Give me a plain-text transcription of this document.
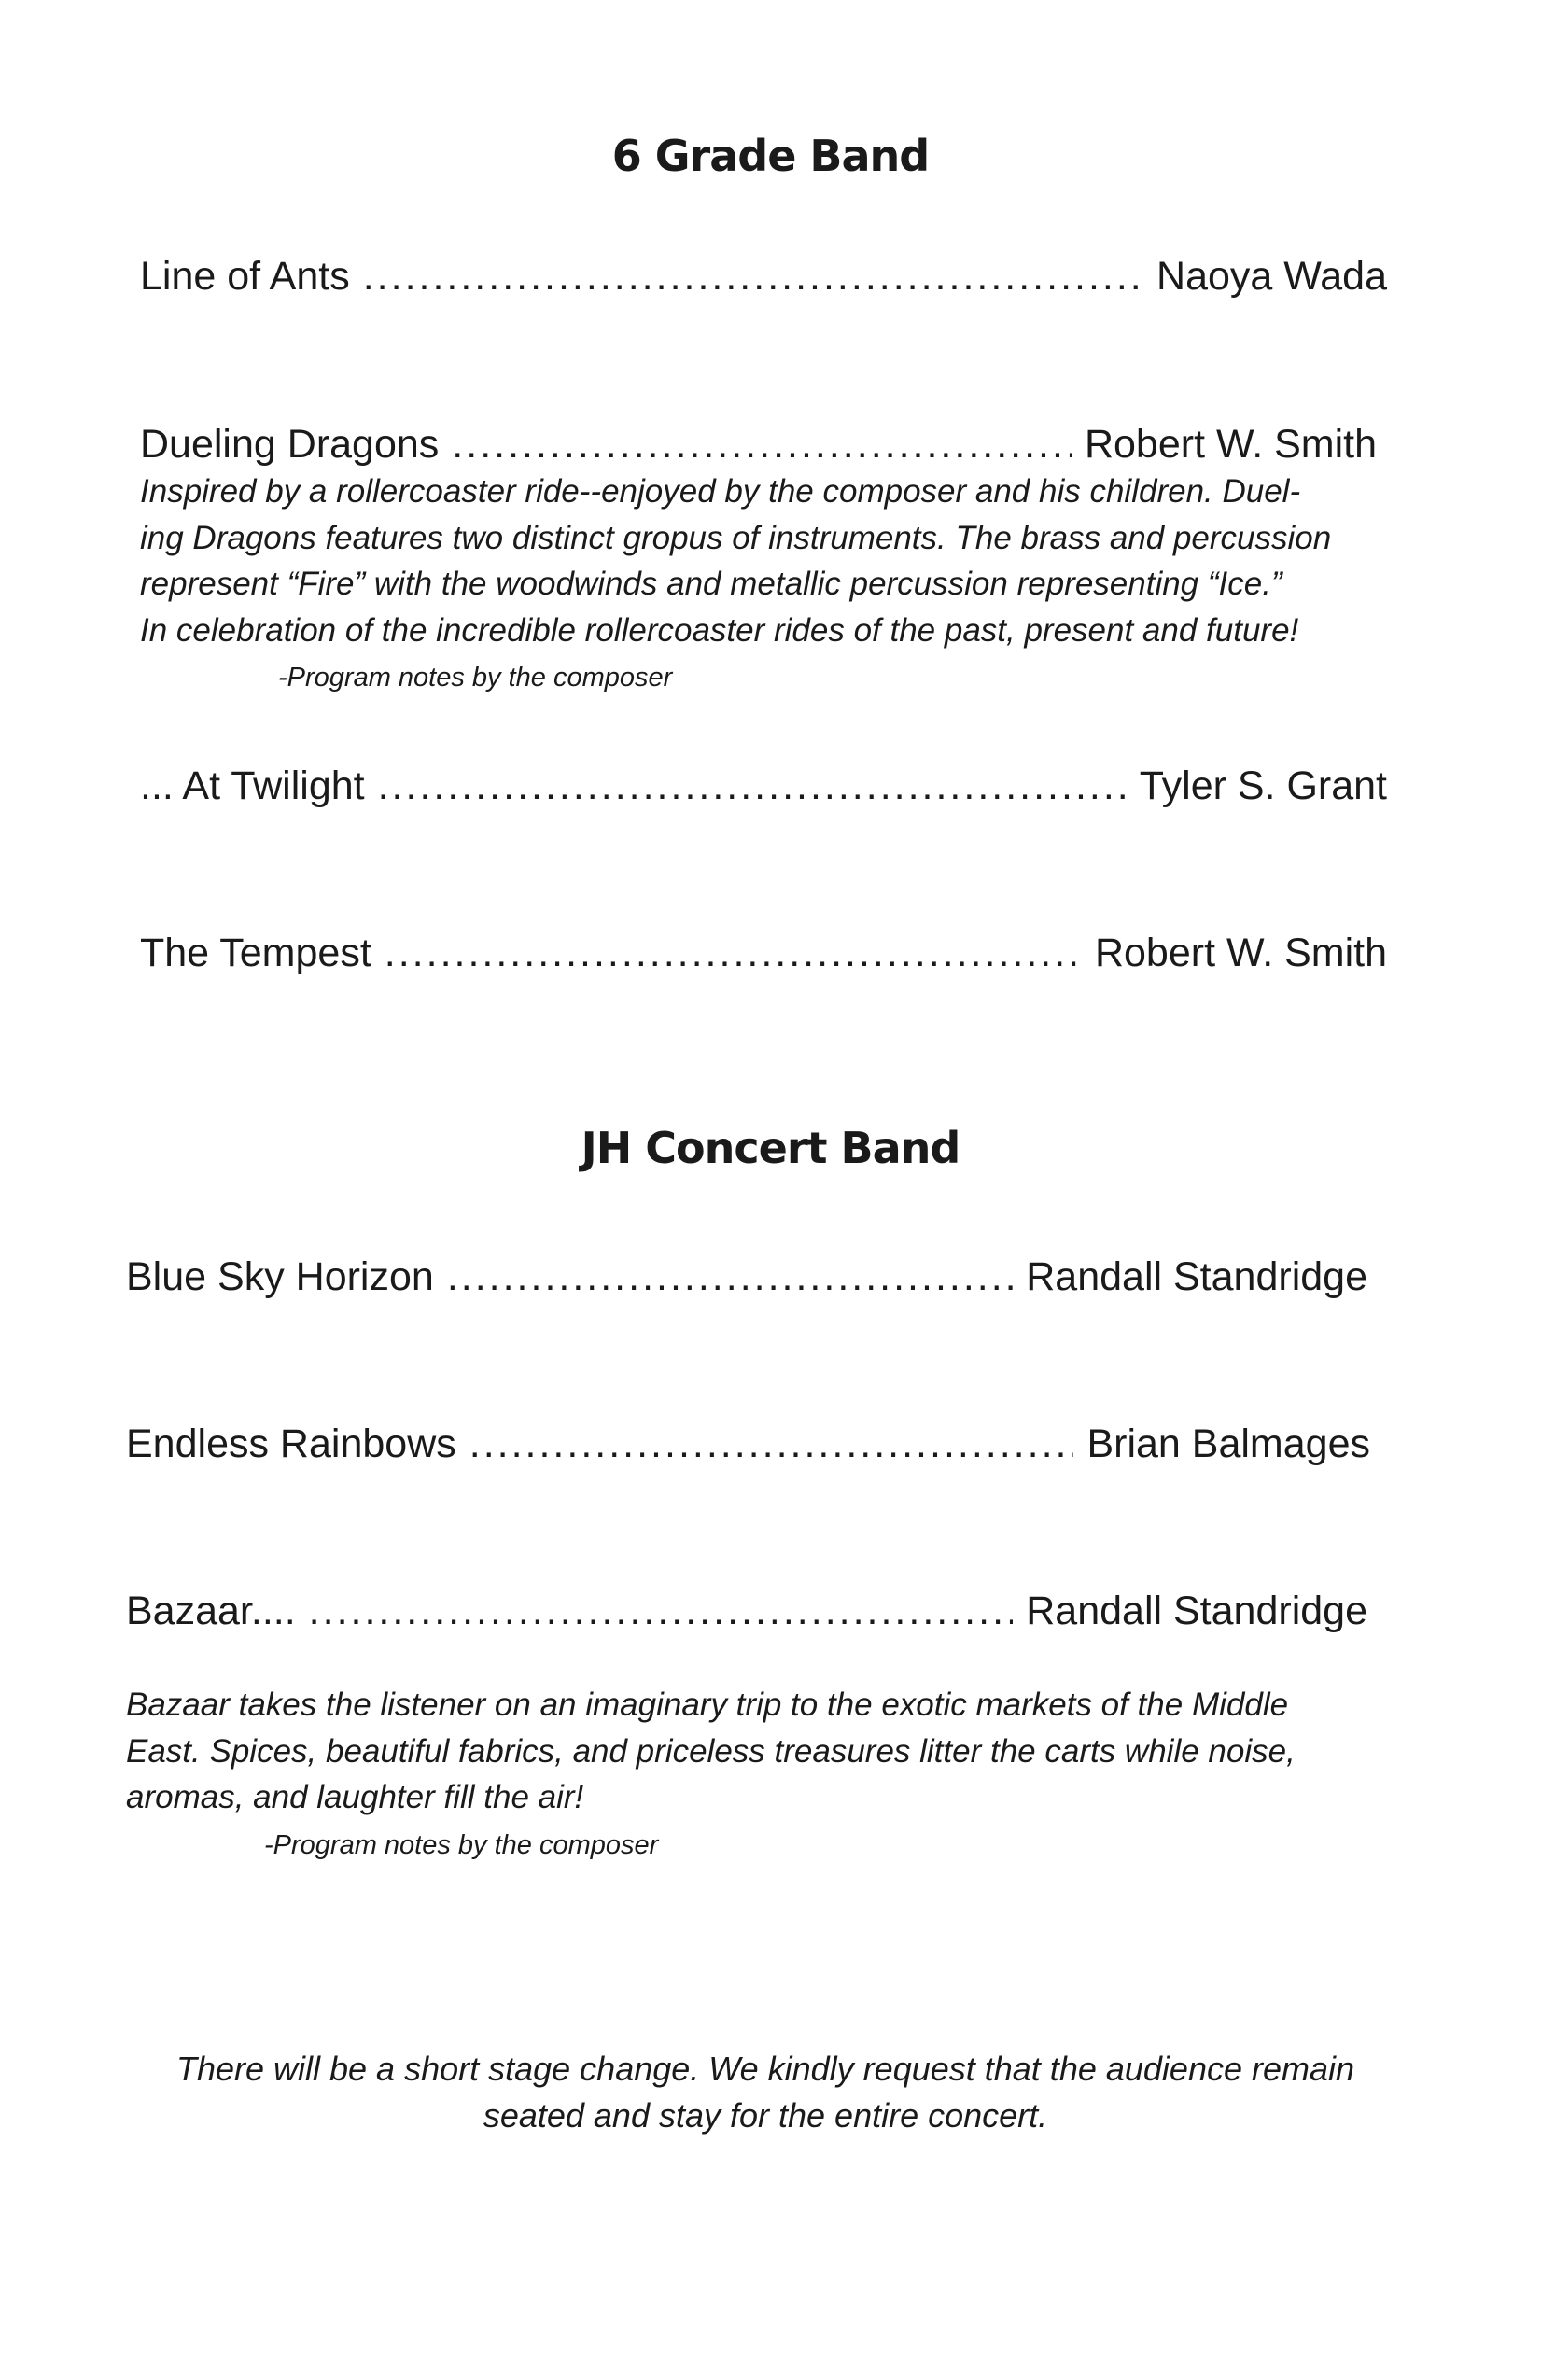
6 Grade Band
Line of Ants .....	Naoya Wada
Dueling Dragons .....	Robert W. Smith
Inspired by a rollercoaster ride--enjoyed by the composer and his children. Duel-
ing Dragons features two distinct gropus of instruments. The brass and percussion
represent “Fire” with the woodwinds and metallic percussion representing “Ice.”
In celebration of the incredible rollercoaster rides of the past, present and future!
-Program notes by the composer
... At Twilight .....	Tyler S. Grant
The Tempest .....	Robert W. Smith
JH Concert Band
Blue Sky Horizon .....	Randall Standridge
Endless Rainbows .....	Brian Balmages
Bazaar.... .....	Randall Standridge
Bazaar takes the listener on an imaginary trip to the exotic markets of the Middle
East. Spices, beautiful fabrics, and priceless treasures litter the carts while noise,
aromas, and laughter fill the air!
-Program notes by the composer
There will be a short stage change. We kindly request that the audience remain
seated and stay for the entire concert.
